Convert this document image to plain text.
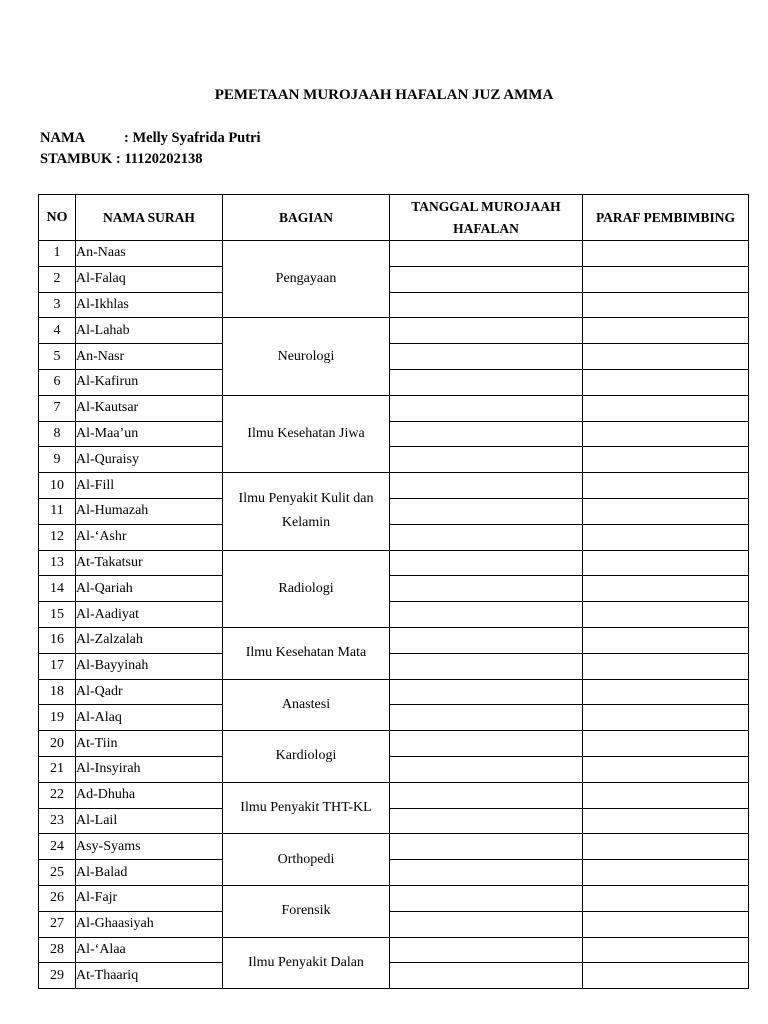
PEMETAAN MUROJAAH HAFALAN JUZ AMMA
NAMA	: Melly Syafrida Putri
STAMBUK : 11120202138
NO	NAMA SURAH	BAGIAN	TANGGAL MUROJAAH HAFALAN	PARAF PEMBIMBING
1	An-Naas	Pengayaan		
2	Al-Falaq			
3	Al-Ikhlas			
4	Al-Lahab	Neurologi		
5	An-Nasr			
6	Al-Kafirun			
7	Al-Kautsar	Ilmu Kesehatan Jiwa		
8	Al-Maa’un			
9	Al-Quraisy			
10	Al-Fill	Ilmu Penyakit Kulit dan Kelamin		
11	Al-Humazah			
12	Al-‘Ashr			
13	At-Takatsur	Radiologi		
14	Al-Qariah			
15	Al-Aadiyat			
16	Al-Zalzalah	Ilmu Kesehatan Mata		
17	Al-Bayyinah			
18	Al-Qadr	Anastesi		
19	Al-Alaq			
20	At-Tiin	Kardiologi		
21	Al-Insyirah			
22	Ad-Dhuha	Ilmu Penyakit THT-KL		
23	Al-Lail			
24	Asy-Syams	Orthopedi		
25	Al-Balad			
26	Al-Fajr	Forensik		
27	Al-Ghaasiyah			
28	Al-‘Alaa	Ilmu Penyakit Dalan		
29	At-Thaariq			
